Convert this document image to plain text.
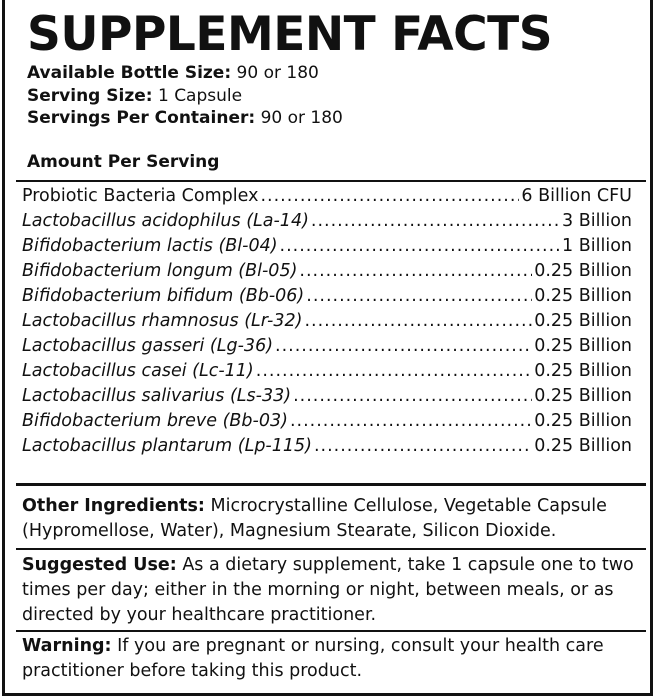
SUPPLEMENT FACTS
Available Bottle Size: 90 or 180
Serving Size: 1 Capsule
Servings Per Container: 90 or 180
Amount Per Serving
Probiotic Bacteria Complex .....	6 Billion CFU
Lactobacillus acidophilus (La-14) .....	3 Billion
Bifidobacterium lactis (Bl-04) .....	1 Billion
Bifidobacterium longum (Bl-05) .....	0.25 Billion
Bifidobacterium bifidum (Bb-06) .....	0.25 Billion
Lactobacillus rhamnosus (Lr-32) .....	0.25 Billion
Lactobacillus gasseri (Lg-36) .....	0.25 Billion
Lactobacillus casei (Lc-11) .....	0.25 Billion
Lactobacillus salivarius (Ls-33) .....	0.25 Billion
Bifidobacterium breve (Bb-03) .....	0.25 Billion
Lactobacillus plantarum (Lp-115) .....	0.25 Billion
Other Ingredients: Microcrystalline Cellulose, Vegetable Capsule (Hypromellose, Water), Magnesium Stearate, Silicon Dioxide.
Suggested Use: As a dietary supplement, take 1 capsule one to two times per day; either in the morning or night, between meals, or as directed by your healthcare practitioner.
Warning: If you are pregnant or nursing, consult your health care practitioner before taking this product.
